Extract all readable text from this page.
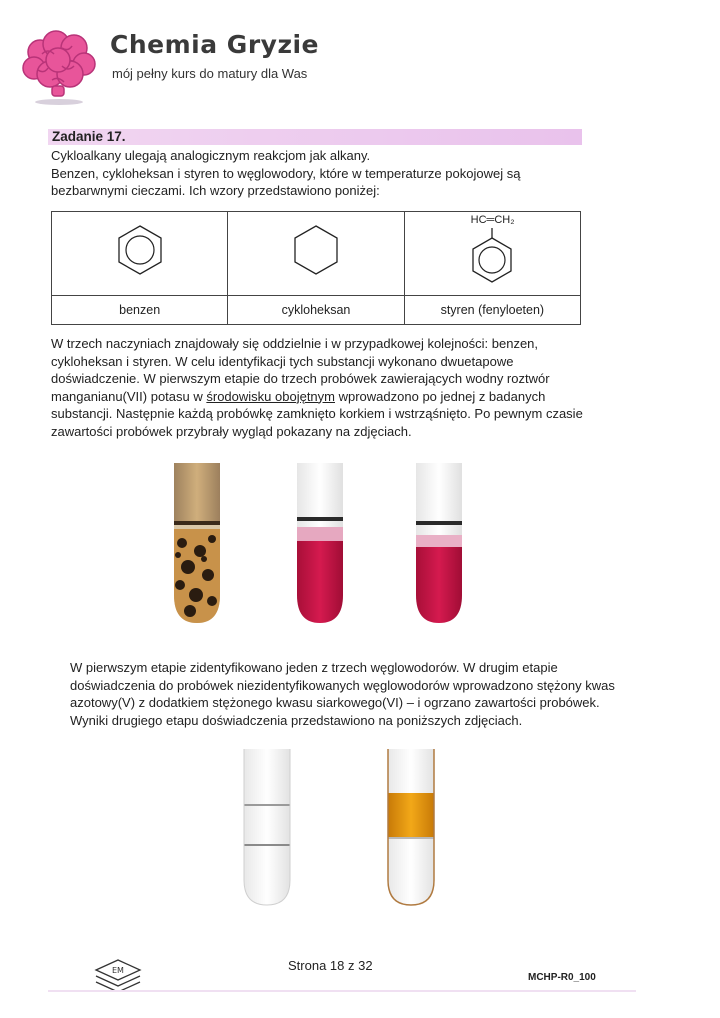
Chemia Gryzie
mój pełny kurs do matury dla Was
Zadanie 17.

Cykloalkany ulegają analogicznym reakcjom jak alkany.

Benzen, cykloheksan i styren to węglowodory, które w temperaturze pokojowej są

bezbarwnymi cieczami. Ich wzory przedstawiono poniżej:

HC═CH₂

benzen	cykloheksan	styren (fenyloeten)

W trzech naczyniach znajdowały się oddzielnie i w przypadkowej kolejności: benzen,

cykloheksan i styren. W celu identyfikacji tych substancji wykonano dwuetapowe

doświadczenie. W pierwszym etapie do trzech probówek zawierających wodny roztwór

manganianu(VII) potasu w środowisku obojętnym wprowadzono po jednej z badanych

substancji. Następnie każdą probówkę zamknięto korkiem i wstrząśnięto. Po pewnym czasie

zawartości probówek przybrały wygląd pokazany na zdjęciach.

W pierwszym etapie zidentyfikowano jeden z trzech węglowodorów. W drugim etapie

doświadczenia do probówek niezidentyfikowanych węglowodorów wprowadzono stężony kwas

azotowy(V) z dodatkiem stężonego kwasu siarkowego(VI) – i ogrzano zawartości probówek.

Wyniki drugiego etapu doświadczenia przedstawiono na poniższych zdjęciach.

EM	Strona 18 z 32
MCHP-R0_100
